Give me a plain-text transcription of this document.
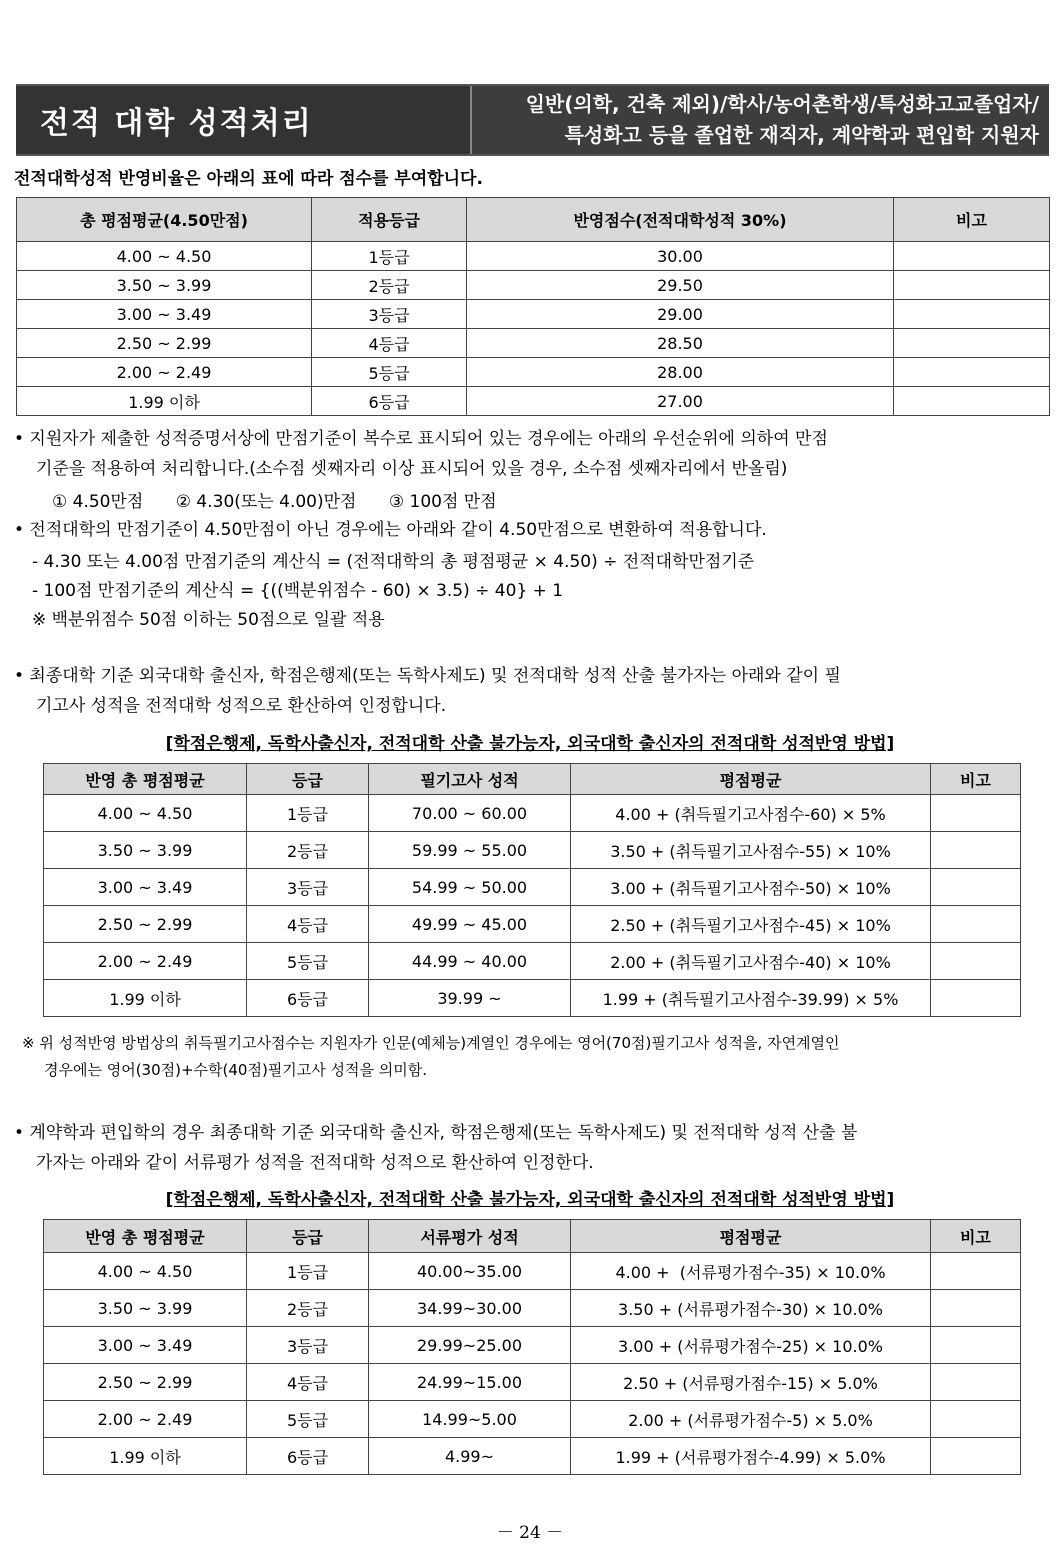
전적 대학 성적처리
일반(의학, 건축 제외)/학사/농어촌학생/특성화고교졸업자/
특성화고 등을 졸업한 재직자, 계약학과 편입학 지원자
전적대학성적 반영비율은 아래의 표에 따라 점수를 부여합니다.
총 평점평균(4.50만점)	적용등급	반영점수(전적대학성적 30%)	비고
4.00 ~ 4.50	1등급	30.00	
3.50 ~ 3.99	2등급	29.50	
3.00 ~ 3.49	3등급	29.00	
2.50 ~ 2.99	4등급	28.50	
2.00 ~ 2.49	5등급	28.00	
1.99 이하	6등급	27.00	
• 지원자가 제출한 성적증명서상에 만점기준이 복수로 표시되어 있는 경우에는 아래의 우선순위에 의하여 만점
기준을 적용하여 처리합니다.(소수점 셋째자리 이상 표시되어 있을 경우, 소수점 셋째자리에서 반올림)
① 4.50만점      ② 4.30(또는 4.00)만점      ③ 100점 만점
• 전적대학의 만점기준이 4.50만점이 아닌 경우에는 아래와 같이 4.50만점으로 변환하여 적용합니다.
- 4.30 또는 4.00점 만점기준의 계산식 = (전적대학의 총 평점평균 × 4.50) ÷ 전적대학만점기준
- 100점 만점기준의 계산식 = {((백분위점수 - 60) × 3.5) ÷ 40} + 1
※ 백분위점수 50점 이하는 50점으로 일괄 적용
• 최종대학 기준 외국대학 출신자, 학점은행제(또는 독학사제도) 및 전적대학 성적 산출 불가자는 아래와 같이 필
기고사 성적을 전적대학 성적으로 환산하여 인정합니다.
[학점은행제, 독학사출신자, 전적대학 산출 불가능자, 외국대학 출신자의 전적대학 성적반영 방법]
반영 총 평점평균	등급	필기고사 성적	평점평균	비고
4.00 ~ 4.50	1등급	70.00 ~ 60.00	4.00 + (취득필기고사점수-60) × 5%	
3.50 ~ 3.99	2등급	59.99 ~ 55.00	3.50 + (취득필기고사점수-55) × 10%	
3.00 ~ 3.49	3등급	54.99 ~ 50.00	3.00 + (취득필기고사점수-50) × 10%	
2.50 ~ 2.99	4등급	49.99 ~ 45.00	2.50 + (취득필기고사점수-45) × 10%	
2.00 ~ 2.49	5등급	44.99 ~ 40.00	2.00 + (취득필기고사점수-40) × 10%	
1.99 이하	6등급	39.99 ~	1.99 + (취득필기고사점수-39.99) × 5%	
※ 위 성적반영 방법상의 취득필기고사점수는 지원자가 인문(예체능)계열인 경우에는 영어(70점)필기고사 성적을, 자연계열인
경우에는 영어(30점)+수학(40점)필기고사 성적을 의미함.
• 계약학과 편입학의 경우 최종대학 기준 외국대학 출신자, 학점은행제(또는 독학사제도) 및 전적대학 성적 산출 불
가자는 아래와 같이 서류평가 성적을 전적대학 성적으로 환산하여 인정한다.
[학점은행제, 독학사출신자, 전적대학 산출 불가능자, 외국대학 출신자의 전적대학 성적반영 방법]
반영 총 평점평균	등급	서류평가 성적	평점평균	비고
4.00 ~ 4.50	1등급	40.00~35.00	4.00 +  (서류평가점수-35) × 10.0%	
3.50 ~ 3.99	2등급	34.99~30.00	3.50 + (서류평가점수-30) × 10.0%	
3.00 ~ 3.49	3등급	29.99~25.00	3.00 + (서류평가점수-25) × 10.0%	
2.50 ~ 2.99	4등급	24.99~15.00	2.50 + (서류평가점수-15) × 5.0%	
2.00 ~ 2.49	5등급	14.99~5.00	2.00 + (서류평가점수-5) × 5.0%	
1.99 이하	6등급	4.99~	1.99 + (서류평가점수-4.99) × 5.0%	
－ 24 －
